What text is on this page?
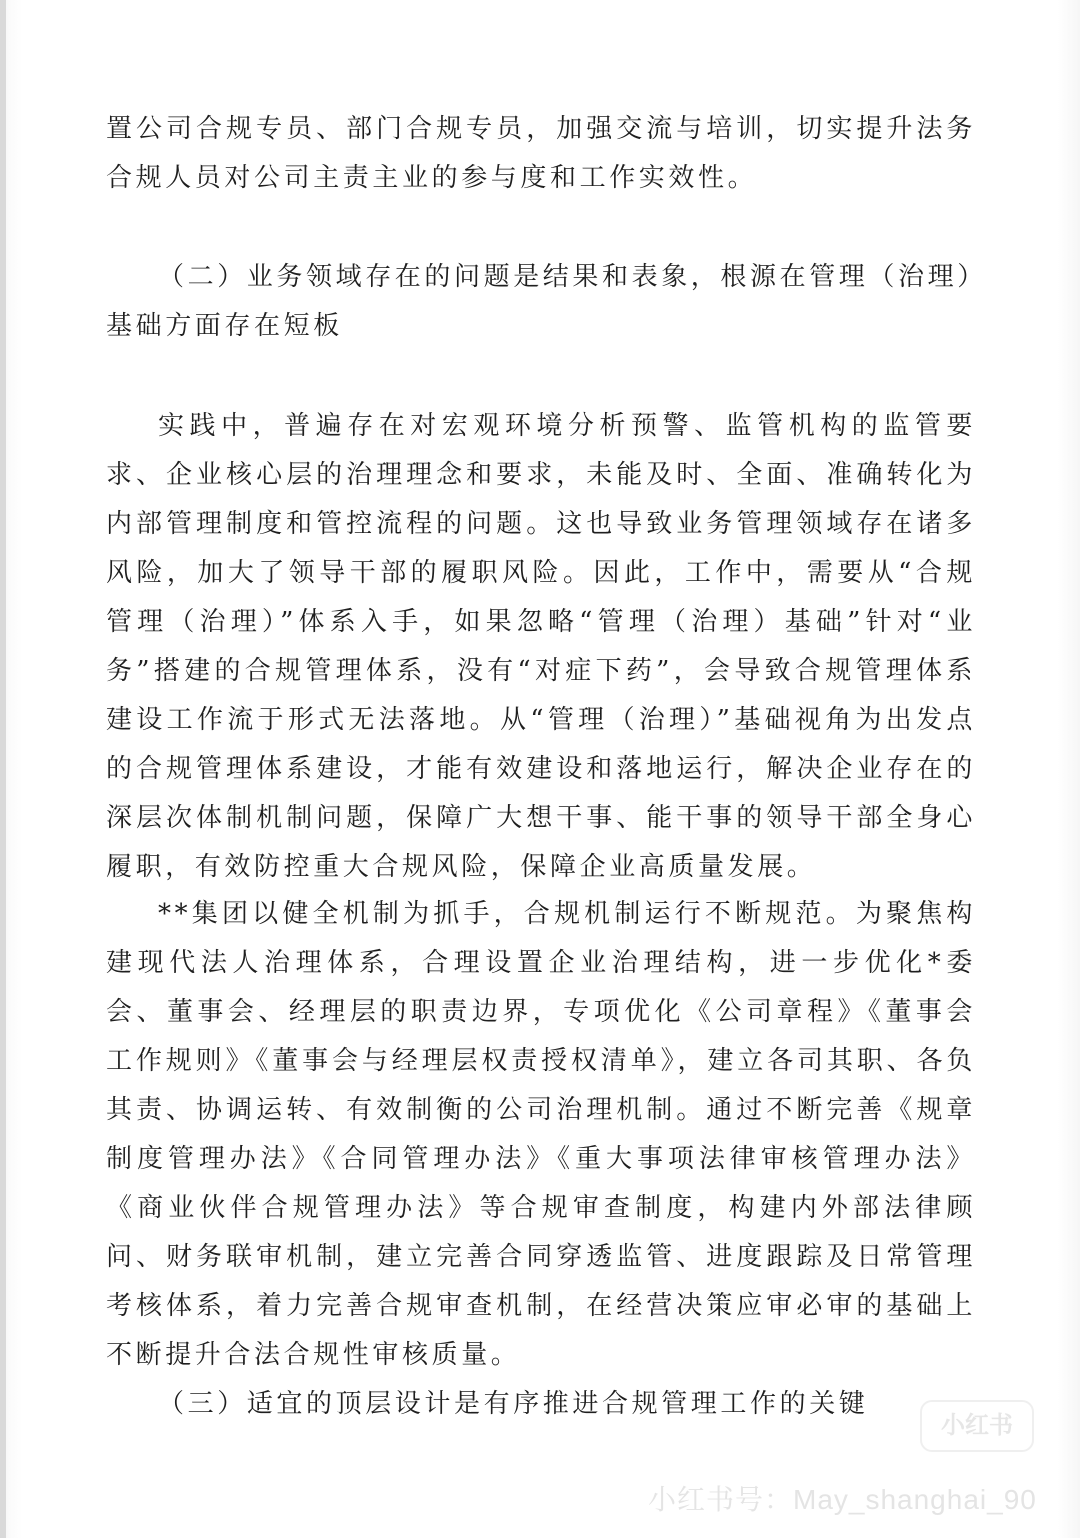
置公司合规专员、部门合规专员，加强交流与培训，切实提升法务合规人员对公司主责主业的参与度和工作实效性。

（二）业务领域存在的问题是结果和表象，根源在管理（治理）基础方面存在短板

实践中，普遍存在对宏观环境分析预警、监管机构的监管要求、企业核心层的治理理念和要求，未能及时、全面、准确转化为内部管理制度和管控流程的问题。这也导致业务管理领域存在诸多风险，加大了领导干部的履职风险。因此，工作中，需要从“合规管理（治理）”体系入手，如果忽略“管理（治理）基础”针对“业务”搭建的合规管理体系，没有“对症下药”，会导致合规管理体系建设工作流于形式无法落地。从“管理（治理）”基础视角为出发点的合规管理体系建设，才能有效建设和落地运行，解决企业存在的深层次体制机制问题，保障广大想干事、能干事的领导干部全身心履职，有效防控重大合规风险，保障企业高质量发展。

**集团以健全机制为抓手，合规机制运行不断规范。为聚焦构建现代法人治理体系，合理设置企业治理结构，进一步优化*委会、董事会、经理层的职责边界，专项优化《公司章程》《董事会工作规则》《董事会与经理层权责授权清单》，建立各司其职、各负其责、协调运转、有效制衡的公司治理机制。通过不断完善《规章制度管理办法》《合同管理办法》《重大事项法律审核管理办法》《商业伙伴合规管理办法》等合规审查制度，构建内外部法律顾问、财务联审机制，建立完善合同穿透监管、进度跟踪及日常管理考核体系，着力完善合规审查机制，在经营决策应审必审的基础上不断提升合法合规性审核质量。

（三）适宜的顶层设计是有序推进合规管理工作的关键

小红书
小红书号：May_shanghai_90
